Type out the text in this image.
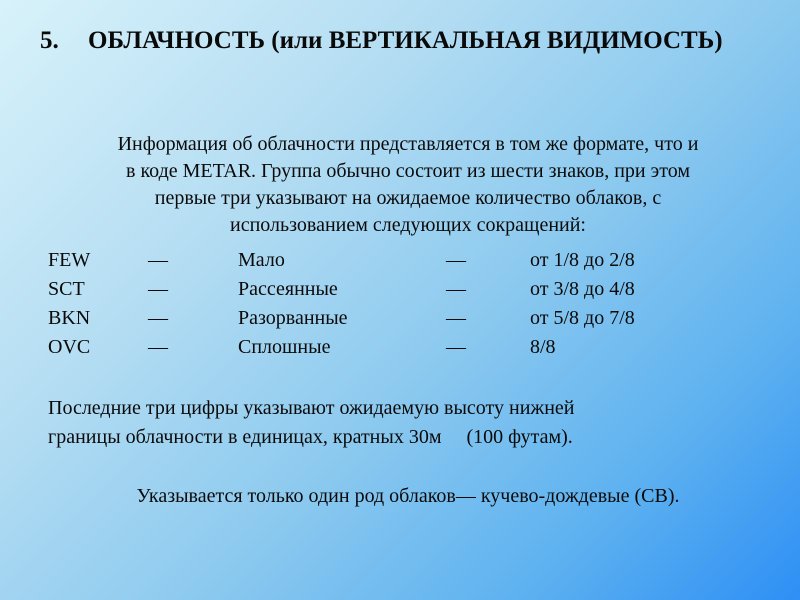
5. ОБЛАЧНОСТЬ (или ВЕРТИКАЛЬНАЯ ВИДИМОСТЬ)
Информация об облачности представляется в том же формате, что и
в коде METAR. Группа обычно состоит из шести знаков, при этом
первые три указывают на ожидаемое количество облаков, с
использованием следующих сокращений:
FEW	—	Мало	—	от 1/8 до 2/8
SCT	—	Рассеянные	—	от 3/8 до 4/8
BKN	—	Разорванные	—	от 5/8 до 7/8
OVC	—	Сплошные	—	8/8
Последние три цифры указывают ожидаемую высоту нижней
границы облачности в единицах, кратных 30м     (100 футам).
Указывается только один род облаков— кучево-дождевые (CB).
